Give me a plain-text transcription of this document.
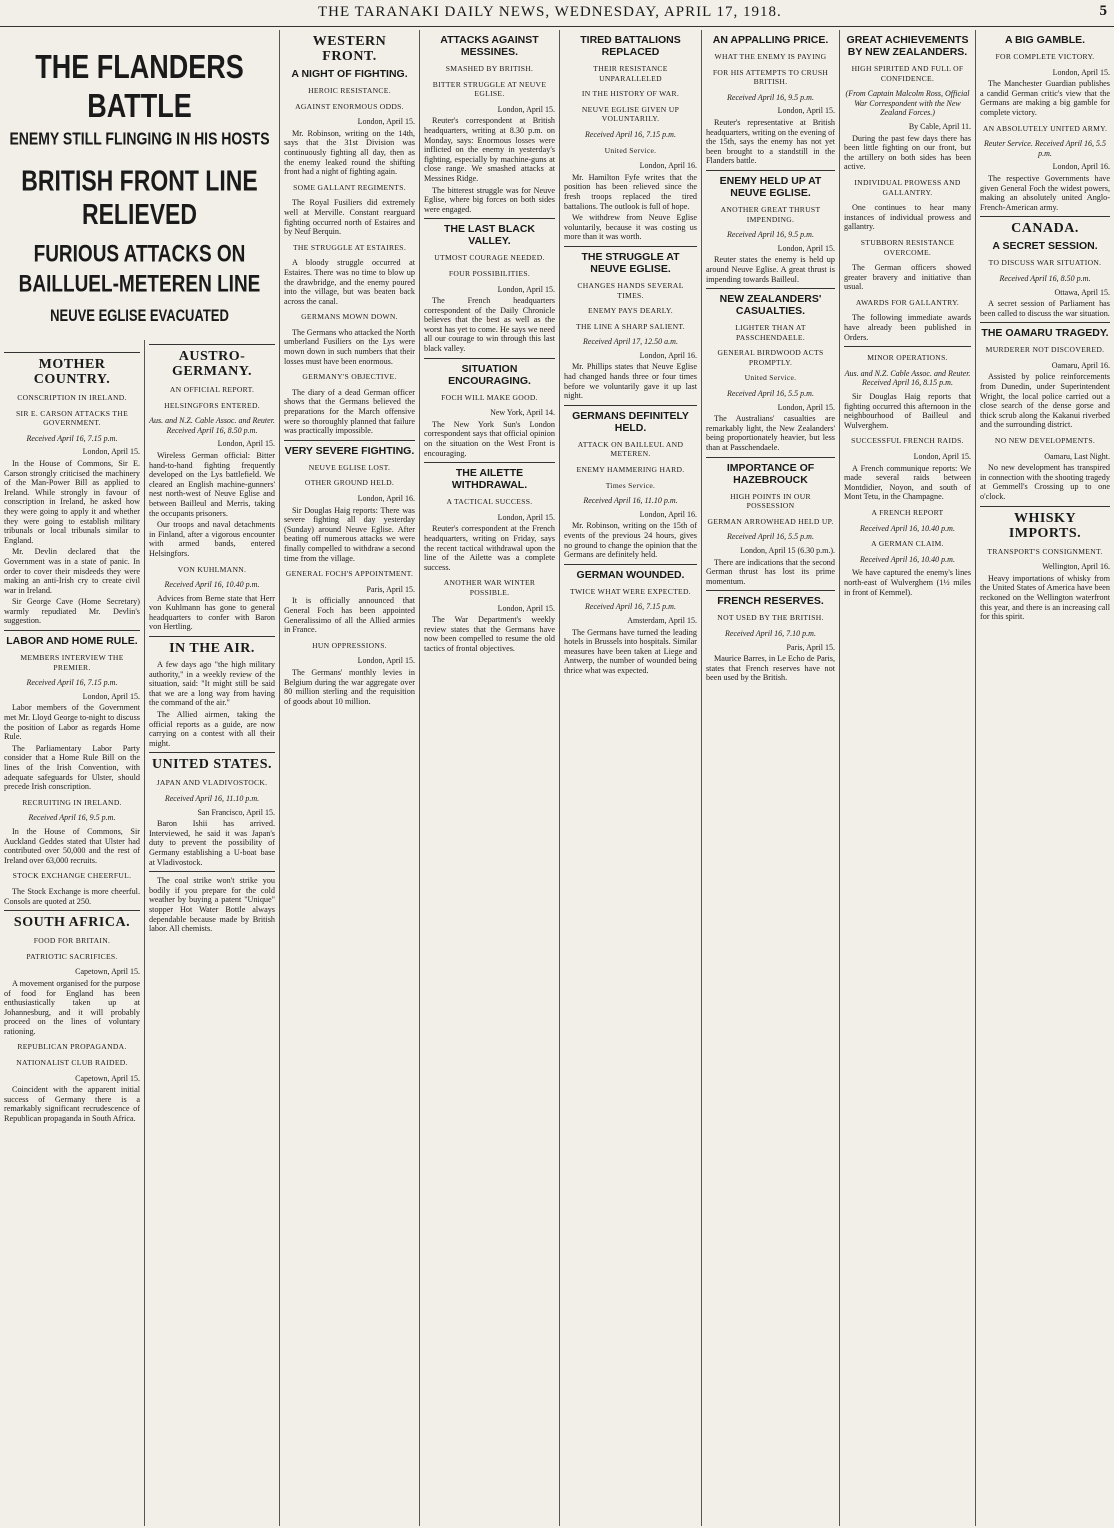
THE TARANAKI DAILY NEWS, WEDNESDAY, APRIL 17, 1918.	5
MOTHER COUNTRY.
CONSCRIPTION IN IRELAND.
SIR E. CARSON ATTACKS THE GOVERNMENT.
Received April 16, 7.15 p.m.
London, April 15.

In the House of Commons, Sir E. Carson strongly criticised the machinery of the Man-Power Bill as applied to Ireland. While strongly in favour of conscription in Ireland, he asked how they were going to apply it and whether they were going to establish military tribunals or local tribunals similar to England.

Mr. Devlin declared that the Government was in a state of panic. In order to cover their misdeeds they were making an anti-Irish cry to create civil war in Ireland.

Sir George Cave (Home Secretary) warmly repudiated Mr. Devlin's suggestion.

LABOR AND HOME RULE.
MEMBERS INTERVIEW THE PREMIER.
Received April 16, 7.15 p.m.
London, April 15.

Labor members of the Government met Mr. Lloyd George to-night to discuss the position of Labor as regards Home Rule.

The Parliamentary Labor Party consider that a Home Rule Bill on the lines of the Irish Convention, with adequate safeguards for Ulster, should precede Irish conscription.

RECRUITING IN IRELAND.
Received April 16, 9.5 p.m.

In the House of Commons, Sir Auckland Geddes stated that Ulster had contributed over 50,000 and the rest of Ireland over 63,000 recruits.

STOCK EXCHANGE CHEERFUL.

The Stock Exchange is more cheerful. Consols are quoted at 250.

SOUTH AFRICA.
FOOD FOR BRITAIN.
PATRIOTIC SACRIFICES.
Capetown, April 15.

A movement organised for the purpose of food for England has been enthusiastically taken up at Johannesburg, and it will probably proceed on the lines of voluntary rationing.

REPUBLICAN PROPAGANDA.
NATIONALIST CLUB RAIDED.
Capetown, April 15.

Coincident with the apparent initial success of Germany there is a remarkably significant recrudescence of Republican propaganda in South Africa.

THE FLANDERS BATTLE
ENEMY STILL FLINGING IN HIS HOSTS
BRITISH FRONT LINE RELIEVED
FURIOUS ATTACKS ON BAILLUEL-METEREN LINE
NEUVE EGLISE EVACUATED
AUSTRO-GERMANY.
AN OFFICIAL REPORT.
HELSINGFORS ENTERED.
Aus. and N.Z. Cable Assoc. and Reuter. Received April 16, 8.50 p.m.
London, April 15.

Wireless German official: Bitter hand-to-hand fighting frequently developed on the Lys battlefield. We cleared an English machine-gunners' nest north-west of Neuve Eglise and between Bailleul and Merris, taking the occupants prisoners.

Our troops and naval detachments in Finland, after a vigorous encounter with armed bands, entered Helsingfors.

VON KUHLMANN.
Received April 16, 10.40 p.m.

Advices from Berne state that Herr von Kuhlmann has gone to general headquarters to confer with Baron von Hertling.

IN THE AIR.

A few days ago "the high military authority," in a weekly review of the situation, said: "It might still be said that we are a long way from having the command of the air."

The Allied airmen, taking the official reports as a guide, are now carrying on a contest with all their might.

UNITED STATES.
JAPAN AND VLADIVOSTOCK.
Received April 16, 11.10 p.m.
San Francisco, April 15.

Baron Ishii has arrived. Interviewed, he said it was Japan's duty to prevent the possibility of Germany establishing a U-boat base at Vladivostock.

The coal strike won't strike you bodily if you prepare for the cold weather by buying a patent "Unique" stopper Hot Water Bottle always dependable because made by British labor. All chemists.

WESTERN FRONT.
A NIGHT OF FIGHTING.
HEROIC RESISTANCE.
AGAINST ENORMOUS ODDS.
London, April 15.

Mr. Robinson, writing on the 14th, says that the 31st Division was continuously fighting all day, then as the enemy leaked round the shifting front had a night of fighting again.

SOME GALLANT REGIMENTS.

The Royal Fusiliers did extremely well at Merville. Constant rearguard fighting occurred north of Estaires and by Neuf Berquin.

THE STRUGGLE AT ESTAIRES.

A bloody struggle occurred at Estaires. There was no time to blow up the drawbridge, and the enemy poured into the village, but was beaten back across the canal.

GERMANS MOWN DOWN.

The Germans who attacked the North umberland Fusiliers on the Lys were mown down in such numbers that their losses must have been enormous.

GERMANY'S OBJECTIVE.

The diary of a dead German officer shows that the Germans believed the preparations for the March offensive were so thoroughly planned that failure was practically impossible.

VERY SEVERE FIGHTING.
NEUVE EGLISE LOST.
OTHER GROUND HELD.
London, April 16.

Sir Douglas Haig reports: There was severe fighting all day yesterday (Sunday) around Neuve Eglise. After beating off numerous attacks we were finally compelled to withdraw a second time from the village.

GENERAL FOCH'S APPOINTMENT.
Paris, April 15.

It is officially announced that General Foch has been appointed Generalissimo of all the Allied armies in France.

HUN OPPRESSIONS.
London, April 15.

The Germans' monthly levies in Belgium during the war aggregate over 80 million sterling and the requisition of goods about 10 million.

ATTACKS AGAINST MESSINES.
SMASHED BY BRITISH.
BITTER STRUGGLE AT NEUVE EGLISE.
London, April 15.

Reuter's correspondent at British headquarters, writing at 8.30 p.m. on Monday, says: Enormous losses were inflicted on the enemy in yesterday's fighting, especially by machine-guns at close range. We smashed attacks at Messines Ridge.

The bitterest struggle was for Neuve Eglise, where big forces on both sides were engaged.

THE LAST BLACK VALLEY.
UTMOST COURAGE NEEDED.
FOUR POSSIBILITIES.
London, April 15.

The French headquarters correspondent of the Daily Chronicle believes that the best as well as the worst has yet to come. He says we need all our courage to win through this last black valley.

SITUATION ENCOURAGING.
FOCH WILL MAKE GOOD.
New York, April 14.

The New York Sun's London correspondent says that official opinion on the situation on the West Front is encouraging.

THE AILETTE WITHDRAWAL.
A TACTICAL SUCCESS.
London, April 15.

Reuter's correspondent at the French headquarters, writing on Friday, says the recent tactical withdrawal upon the line of the Ailette was a complete success.

ANOTHER WAR WINTER POSSIBLE.
London, April 15.

The War Department's weekly review states that the Germans have now been compelled to resume the old tactics of frontal objectives.

TIRED BATTALIONS REPLACED
THEIR RESISTANCE UNPARALLELED
IN THE HISTORY OF WAR.
NEUVE EGLISE GIVEN UP VOLUNTARILY.
Received April 16, 7.15 p.m.
United Service.
London, April 16.

Mr. Hamilton Fyfe writes that the position has been relieved since the fresh troops replaced the tired battalions. The outlook is full of hope.

We withdrew from Neuve Eglise voluntarily, because it was costing us more than it was worth.

THE STRUGGLE AT NEUVE EGLISE.
CHANGES HANDS SEVERAL TIMES.
ENEMY PAYS DEARLY.
THE LINE A SHARP SALIENT.
Received April 17, 12.50 a.m.
London, April 16.

Mr. Phillips states that Neuve Eglise had changed hands three or four times before we voluntarily gave it up last night.

GERMANS DEFINITELY HELD.
ATTACK ON BAILLEUL AND METEREN.
ENEMY HAMMERING HARD.
Times Service.
Received April 16, 11.10 p.m.
London, April 16.

Mr. Robinson, writing on the 15th of events of the previous 24 hours, gives no ground to change the opinion that the Germans are definitely held.

GERMAN WOUNDED.
TWICE WHAT WERE EXPECTED.
Received April 16, 7.15 p.m.
Amsterdam, April 15.

The Germans have turned the leading hotels in Brussels into hospitals. Similar measures have been taken at Liege and Antwerp, the number of wounded being thrice what was expected.

AN APPALLING PRICE.
WHAT THE ENEMY IS PAYING
FOR HIS ATTEMPTS TO CRUSH BRITISH.
Received April 16, 9.5 p.m.
London, April 15.

Reuter's representative at British headquarters, writing on the evening of the 15th, says the enemy has not yet been brought to a standstill in the Flanders battle.

ENEMY HELD UP AT NEUVE EGLISE.
ANOTHER GREAT THRUST IMPENDING.
Received April 16, 9.5 p.m.
London, April 15.

Reuter states the enemy is held up around Neuve Eglise. A great thrust is impending towards Bailleul.

NEW ZEALANDERS' CASUALTIES.
LIGHTER THAN AT PASSCHENDAELE.
GENERAL BIRDWOOD ACTS PROMPTLY.
United Service.
Received April 16, 5.5 p.m.
London, April 15.

The Australians' casualties are remarkably light, the New Zealanders' being proportionately heavier, but less than at Passchendaele.

IMPORTANCE OF HAZEBROUCK
HIGH POINTS IN OUR POSSESSION
GERMAN ARROWHEAD HELD UP.
Received April 16, 5.5 p.m.
London, April 15 (6.30 p.m.).

There are indications that the second German thrust has lost its prime momentum.

FRENCH RESERVES.
NOT USED BY THE BRITISH.
Received April 16, 7.10 p.m.
Paris, April 15.

Maurice Barres, in Le Echo de Paris, states that French reserves have not been used by the British.

GREAT ACHIEVEMENTS BY NEW ZEALANDERS.
HIGH SPIRITED AND FULL OF CONFIDENCE.
(From Captain Malcolm Ross, Official War Correspondent with the New Zealand Forces.)
By Cable, April 11.

During the past few days there has been little fighting on our front, but the artillery on both sides has been active.

INDIVIDUAL PROWESS AND GALLANTRY.

One continues to hear many instances of individual prowess and gallantry.

STUBBORN RESISTANCE OVERCOME.

The German officers showed greater bravery and initiative than usual.

AWARDS FOR GALLANTRY.

The following immediate awards have already been published in Orders.

MINOR OPERATIONS.
Aus. and N.Z. Cable Assoc. and Reuter. Received April 16, 8.15 p.m.

Sir Douglas Haig reports that fighting occurred this afternoon in the neighbourhood of Bailleul and Wulverghem.

SUCCESSFUL FRENCH RAIDS.
London, April 15.

A French communique reports: We made several raids between Montdidier, Noyon, and south of Mont Tetu, in the Champagne.

A FRENCH REPORT
Received April 16, 10.40 p.m.
A GERMAN CLAIM.
Received April 16, 10.40 p.m.

We have captured the enemy's lines north-east of Wulverghem (1½ miles in front of Kemmel).

A BIG GAMBLE.
FOR COMPLETE VICTORY.
London, April 15.

The Manchester Guardian publishes a candid German critic's view that the Germans are making a big gamble for complete victory.

AN ABSOLUTELY UNITED ARMY.
Reuter Service. Received April 16, 5.5 p.m.
London, April 16.

The respective Governments have given General Foch the widest powers, making an absolutely united Anglo-French-American army.

CANADA.
A SECRET SESSION.
TO DISCUSS WAR SITUATION.
Received April 16, 8.50 p.m.
Ottawa, April 15.

A secret session of Parliament has been called to discuss the war situation.

THE OAMARU TRAGEDY.
MURDERER NOT DISCOVERED.
Oamaru, April 16.

Assisted by police reinforcements from Dunedin, under Superintendent Wright, the local police carried out a close search of the dense gorse and thick scrub along the Kakanui riverbed and the surrounding district.

NO NEW DEVELOPMENTS.
Oamaru, Last Night.

No new development has transpired in connection with the shooting tragedy at Gemmell's Crossing up to one o'clock.

WHISKY IMPORTS.
TRANSPORT'S CONSIGNMENT.
Wellington, April 16.

Heavy importations of whisky from the United States of America have been reckoned on the Wellington waterfront this year, and there is an increasing call for this spirit.
